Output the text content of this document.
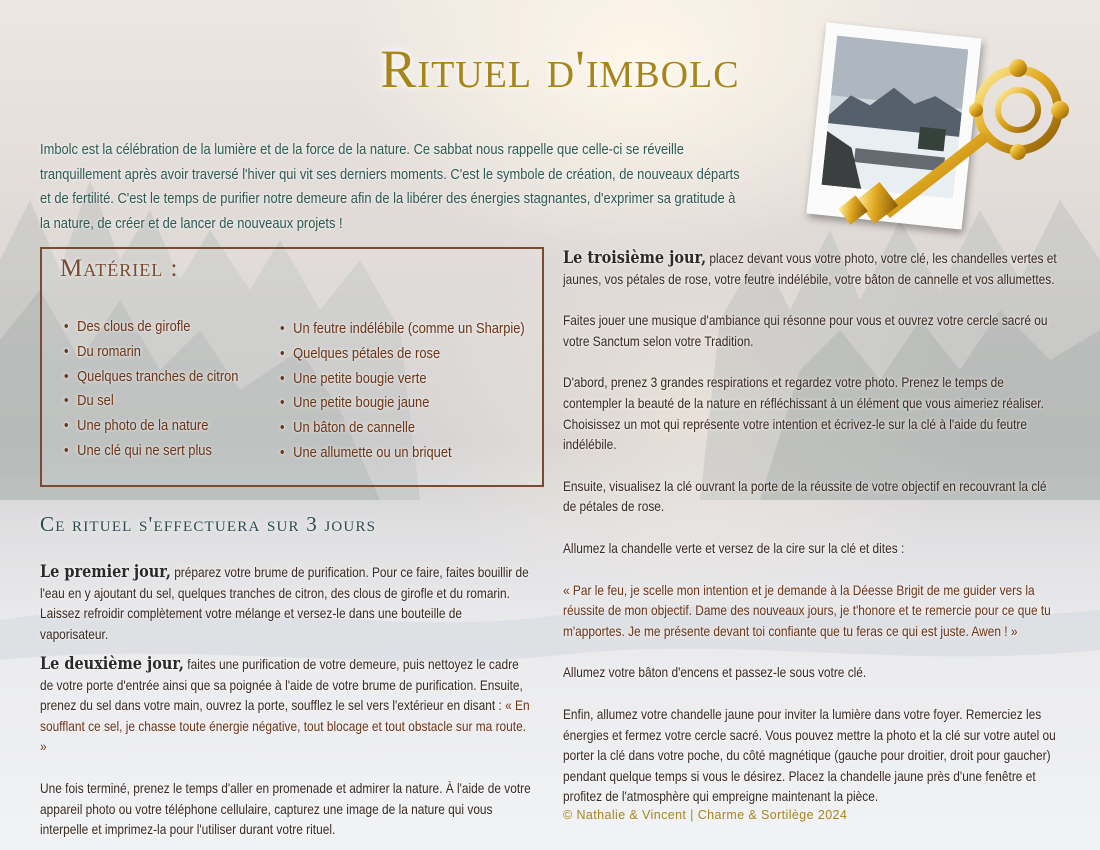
Rituel d'imbolc

Imbolc est la célébration de la lumière et de la force de la nature. Ce sabbat nous rappelle que celle-ci se réveille tranquillement après avoir traversé l'hiver qui vit ses derniers moments. C'est le symbole de création, de nouveaux départs et de fertilité. C'est le temps de purifier notre demeure afin de la libérer des énergies stagnantes, d'exprimer sa gratitude à la nature, de créer et de lancer de nouveaux projets !

Matériel :
• Des clous de girofle
• Du romarin
• Quelques tranches de citron
• Du sel
• Une photo de la nature
• Une clé qui ne sert plus
• Un feutre indélébile (comme un Sharpie)
• Quelques pétales de rose
• Une petite bougie verte
• Une petite bougie jaune
• Un bâton de cannelle
• Une allumette ou un briquet
Ce rituel s'effectuera sur 3 jours

Le premier jour, préparez votre brume de purification. Pour ce faire, faites bouillir de l'eau en y ajoutant du sel, quelques tranches de citron, des clous de girofle et du romarin. Laissez refroidir complètement votre mélange et versez-le dans une bouteille de vaporisateur.

Le deuxième jour, faites une purification de votre demeure, puis nettoyez le cadre de votre porte d'entrée ainsi que sa poignée à l'aide de votre brume de purification. Ensuite, prenez du sel dans votre main, ouvrez la porte, soufflez le sel vers l'extérieur en disant : « En soufflant ce sel, je chasse toute énergie négative, tout blocage et tout obstacle sur ma route. »

Une fois terminé, prenez le temps d'aller en promenade et admirer la nature. À l'aide de votre appareil photo ou votre téléphone cellulaire, capturez une image de la nature qui vous interpelle et imprimez-la pour l'utiliser durant votre rituel.

Le troisième jour, placez devant vous votre photo, votre clé, les chandelles vertes et jaunes, vos pétales de rose, votre feutre indélébile, votre bâton de cannelle et vos allumettes.

Faites jouer une musique d'ambiance qui résonne pour vous et ouvrez votre cercle sacré ou votre Sanctum selon votre Tradition.

D'abord, prenez 3 grandes respirations et regardez votre photo. Prenez le temps de contempler la beauté de la nature en réfléchissant à un élément que vous aimeriez réaliser. Choisissez un mot qui représente votre intention et écrivez-le sur la clé à l'aide du feutre indélébile.

Ensuite, visualisez la clé ouvrant la porte de la réussite de votre objectif en recouvrant la clé de pétales de rose.

Allumez la chandelle verte et versez de la cire sur la clé et dites :

« Par le feu, je scelle mon intention et je demande à la Déesse Brigit de me guider vers la réussite de mon objectif. Dame des nouveaux jours, je t'honore et te remercie pour ce que tu m'apportes. Je me présente devant toi confiante que tu feras ce qui est juste. Awen ! »

Allumez votre bâton d'encens et passez-le sous votre clé.

Enfin, allumez votre chandelle jaune pour inviter la lumière dans votre foyer. Remerciez les énergies et fermez votre cercle sacré. Vous pouvez mettre la photo et la clé sur votre autel ou porter la clé dans votre poche, du côté magnétique (gauche pour droitier, droit pour gaucher) pendant quelque temps si vous le désirez. Placez la chandelle jaune près d'une fenêtre et profitez de l'atmosphère qui empreigne maintenant la pièce.

© Nathalie & Vincent | Charme & Sortilège 2024
